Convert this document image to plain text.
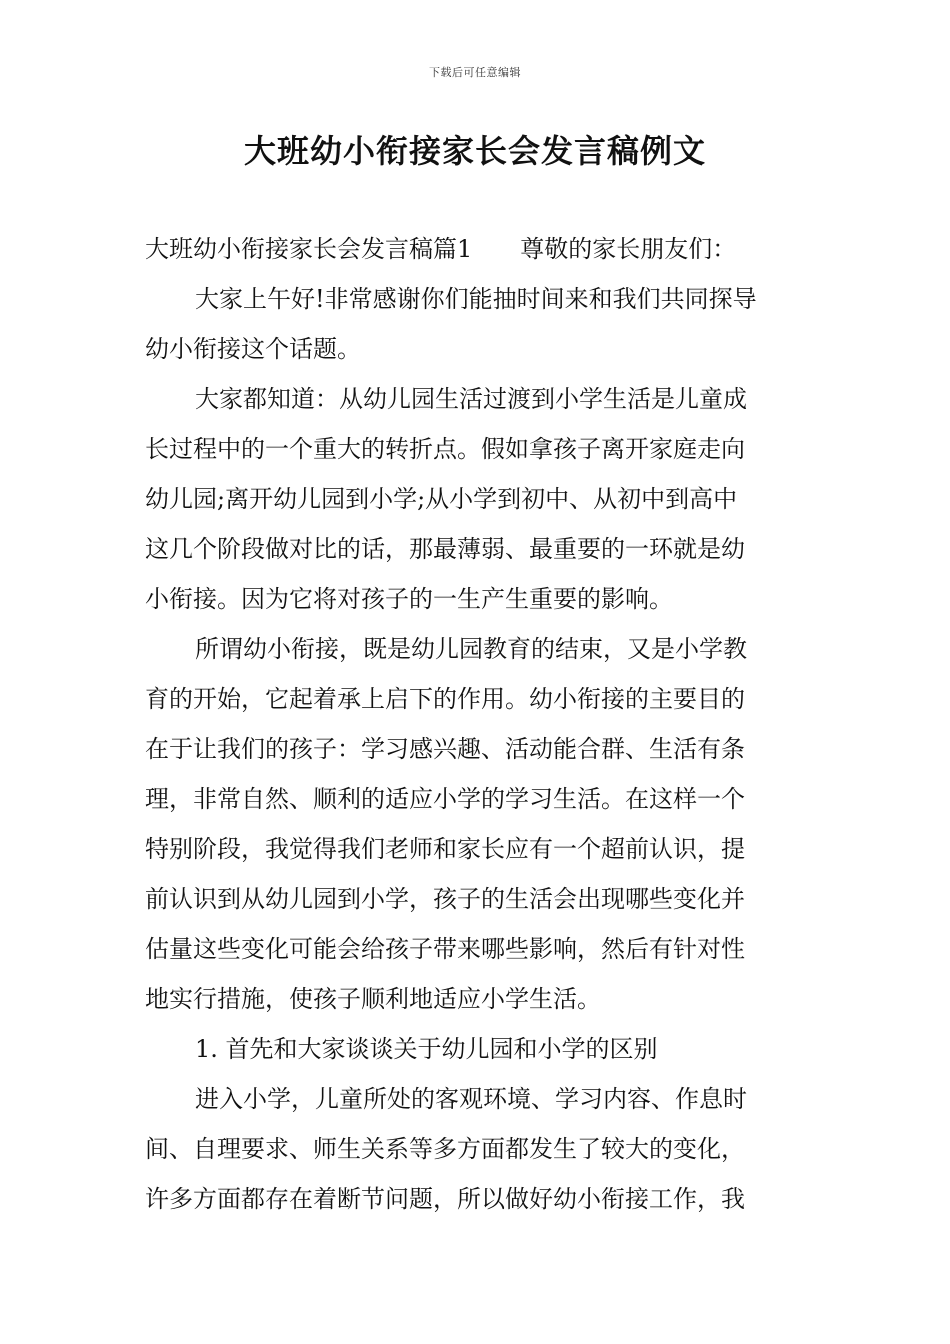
下载后可任意编辑
大班幼小衔接家长会发言稿例文
大班幼小衔接家长会发言稿篇1 尊敬的家长朋友们：
大家上午好!非常感谢你们能抽时间来和我们共同探导
幼小衔接这个话题。
大家都知道：从幼儿园生活过渡到小学生活是儿童成
长过程中的一个重大的转折点。假如拿孩子离开家庭走向
幼儿园;离开幼儿园到小学;从小学到初中、从初中到高中
这几个阶段做对比的话，那最薄弱、最重要的一环就是幼
小衔接。因为它将对孩子的一生产生重要的影响。
所谓幼小衔接，既是幼儿园教育的结束，又是小学教
育的开始，它起着承上启下的作用。幼小衔接的主要目的
在于让我们的孩子：学习感兴趣、活动能合群、生活有条
理，非常自然、顺利的适应小学的学习生活。在这样一个
特别阶段，我觉得我们老师和家长应有一个超前认识，提
前认识到从幼儿园到小学，孩子的生活会出现哪些变化并
估量这些变化可能会给孩子带来哪些影响，然后有针对性
地实行措施，使孩子顺利地适应小学生活。
1. 首先和大家谈谈关于幼儿园和小学的区别
进入小学，儿童所处的客观环境、学习内容、作息时
间、自理要求、师生关系等多方面都发生了较大的变化，
许多方面都存在着断节问题，所以做好幼小衔接工作，我
